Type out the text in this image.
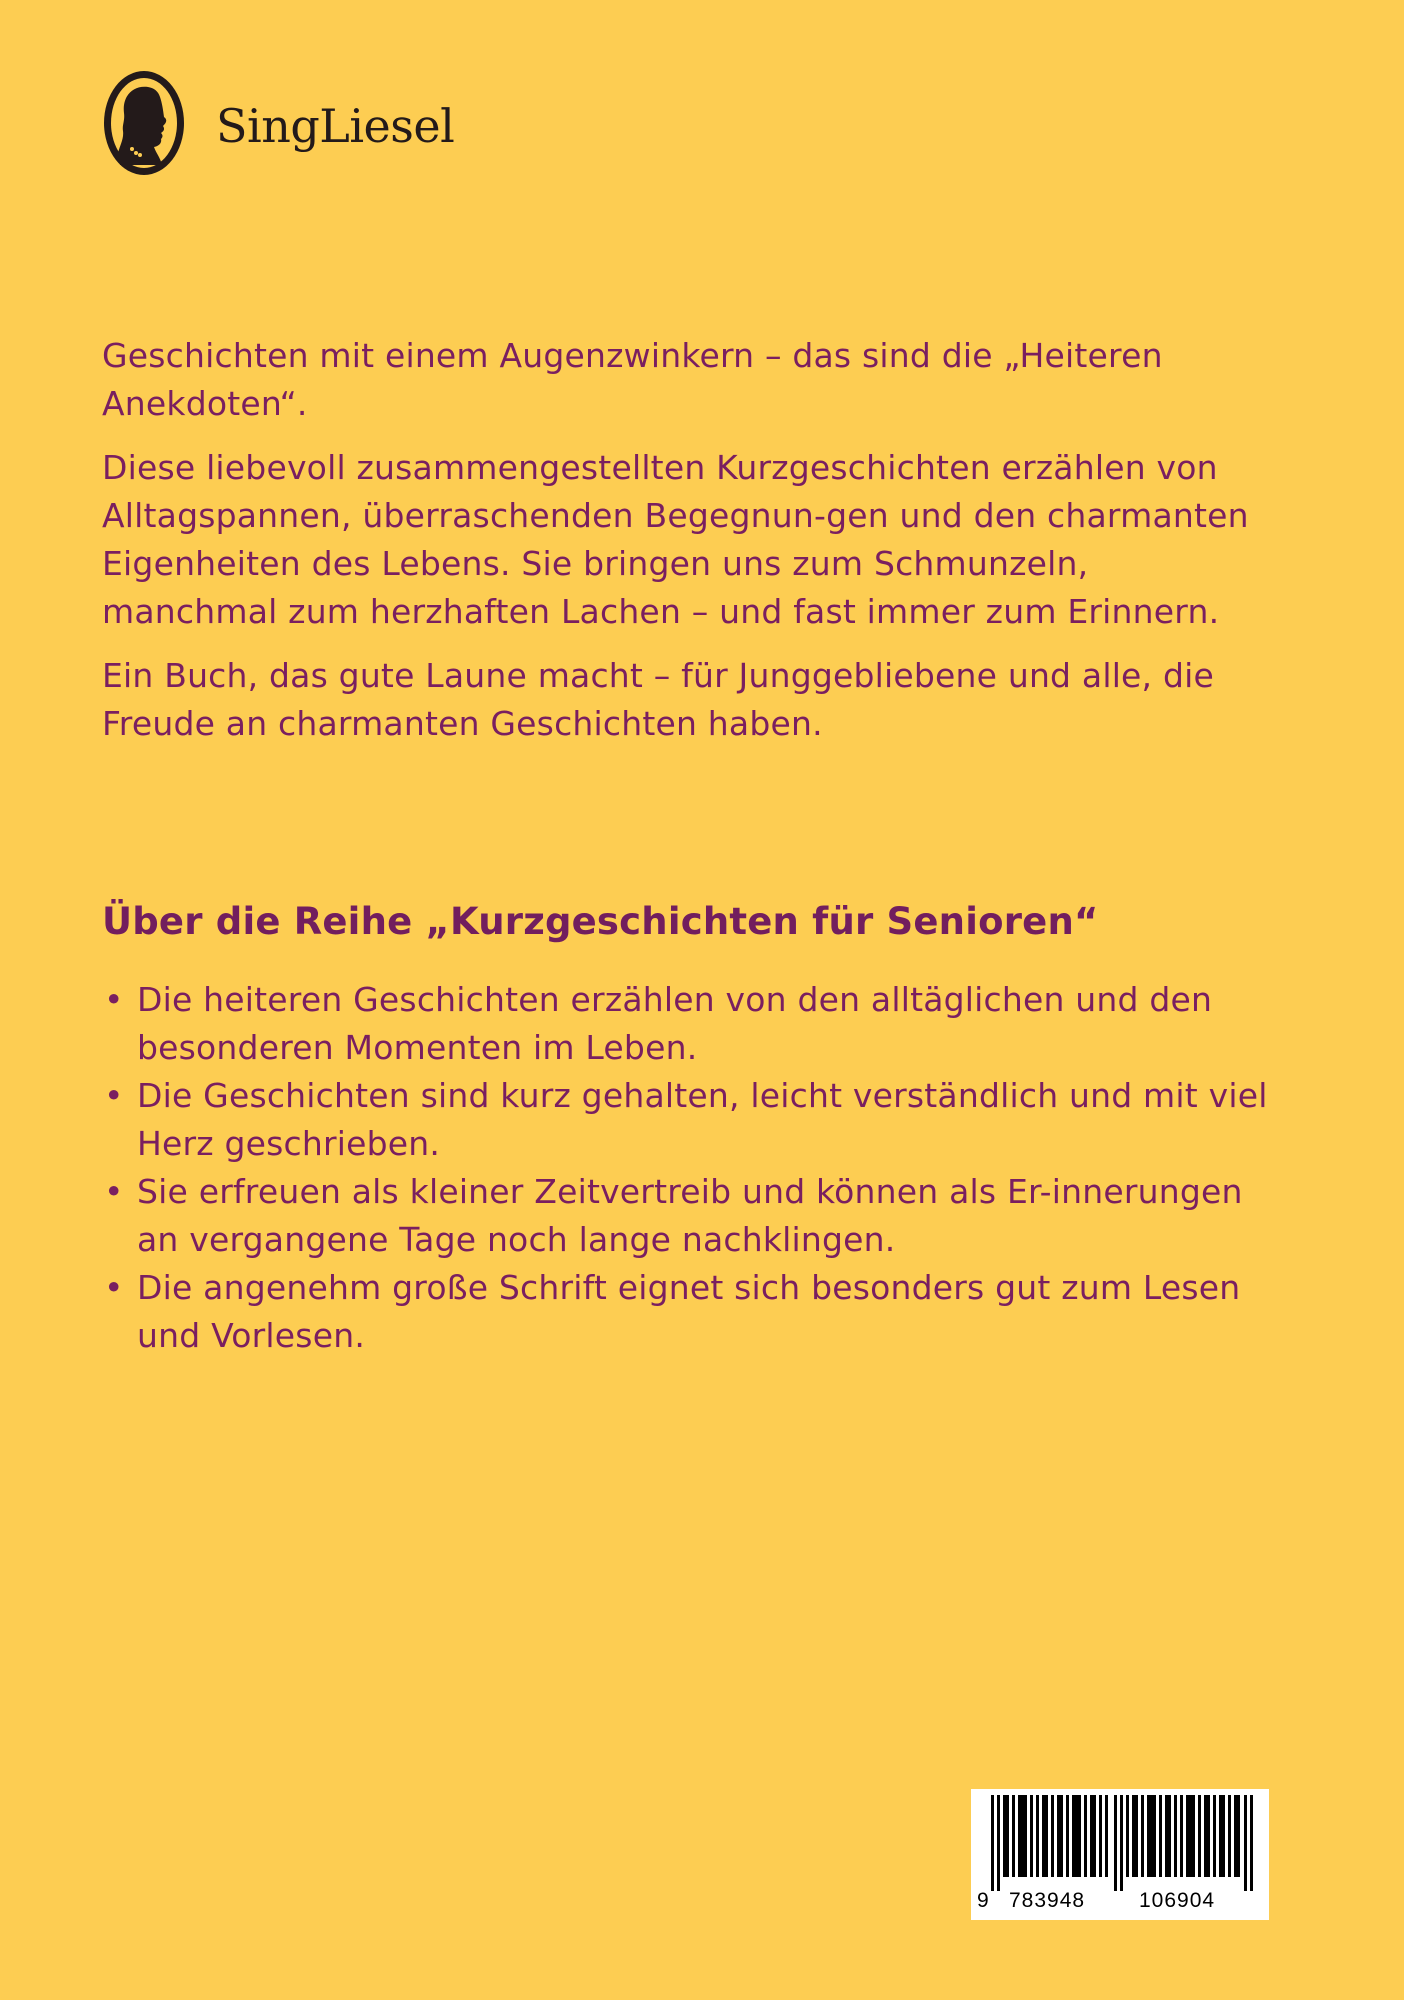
SingLiesel

Geschichten mit einem Augenzwinkern – das sind die „Heiteren Anekdoten“.

Diese liebevoll zusammengestellten Kurzgeschichten erzählen von Alltagspannen, überraschenden Begegnun-gen und den charmanten Eigenheiten des Lebens. Sie bringen uns zum Schmunzeln, manchmal zum herzhaften Lachen – und fast immer zum Erinnern.

Ein Buch, das gute Laune macht – für Junggebliebene und alle, die Freude an charmanten Geschichten haben.

Über die Reihe „Kurzgeschichten für Senioren“
• Die heiteren Geschichten erzählen von den alltäglichen und den besonderen Momenten im Leben.
• Die Geschichten sind kurz gehalten, leicht verständlich und mit viel Herz geschrieben.
• Sie erfreuen als kleiner Zeitvertreib und können als Er-innerungen an vergangene Tage noch lange nachklingen.
• Die angenehm große Schrift eignet sich besonders gut zum Lesen und Vorlesen.
9 783948	106904
